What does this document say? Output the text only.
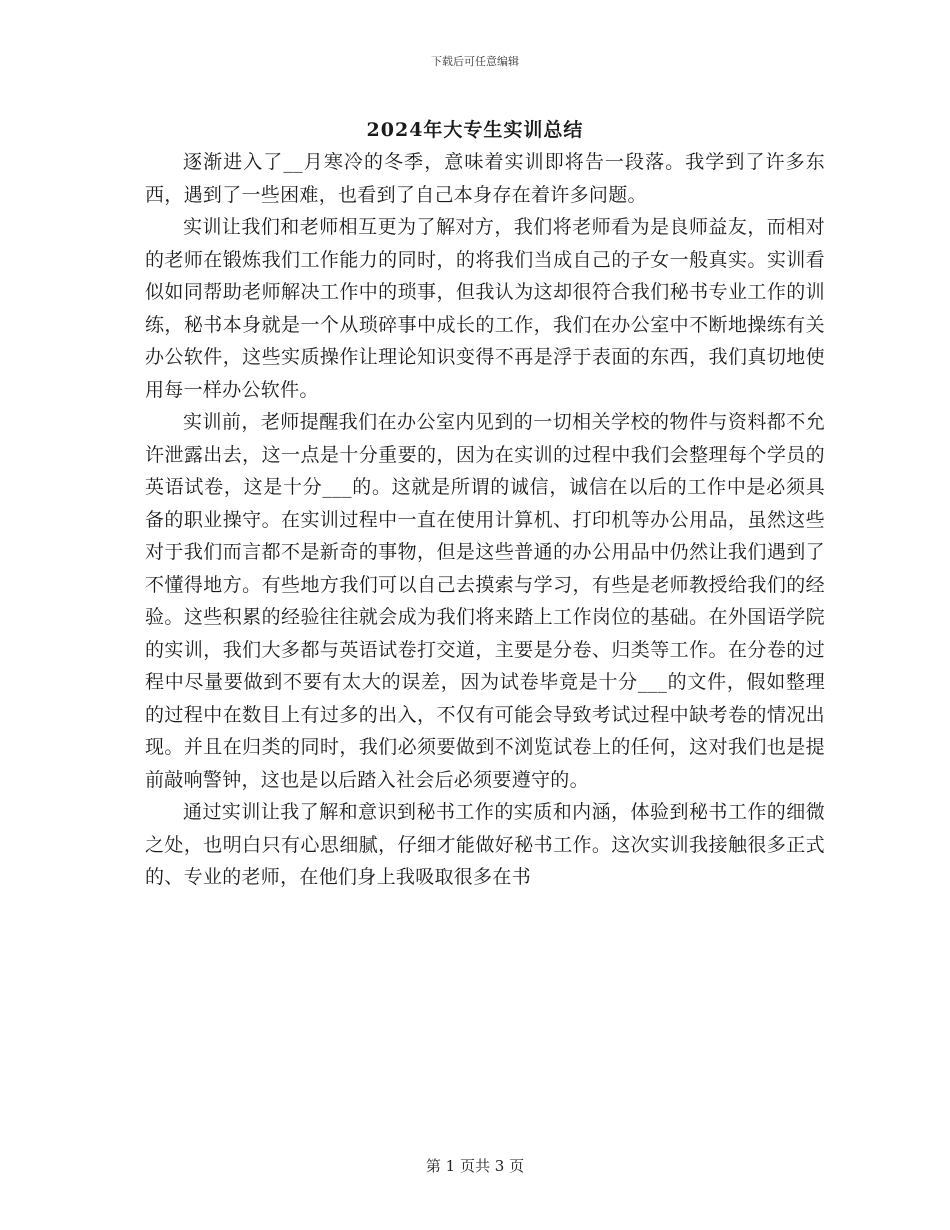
下载后可任意编辑
2024年大专生实训总结

逐渐进入了__月寒冷的冬季，意味着实训即将告一段落。我学到了许多东西，遇到了一些困难，也看到了自己本身存在着许多问题。

实训让我们和老师相互更为了解对方，我们将老师看为是良师益友，而相对的老师在锻炼我们工作能力的同时，的将我们当成自己的子女一般真实。实训看似如同帮助老师解决工作中的琐事，但我认为这却很符合我们秘书专业工作的训练，秘书本身就是一个从琐碎事中成长的工作，我们在办公室中不断地操练有关办公软件，这些实质操作让理论知识变得不再是浮于表面的东西，我们真切地使用每一样办公软件。

实训前，老师提醒我们在办公室内见到的一切相关学校的物件与资料都不允许泄露出去，这一点是十分重要的，因为在实训的过程中我们会整理每个学员的英语试卷，这是十分___的。这就是所谓的诚信，诚信在以后的工作中是必须具备的职业操守。在实训过程中一直在使用计算机、打印机等办公用品，虽然这些对于我们而言都不是新奇的事物，但是这些普通的办公用品中仍然让我们遇到了不懂得地方。有些地方我们可以自己去摸索与学习，有些是老师教授给我们的经验。这些积累的经验往往就会成为我们将来踏上工作岗位的基础。在外国语学院的实训，我们大多都与英语试卷打交道，主要是分卷、归类等工作。在分卷的过程中尽量要做到不要有太大的误差，因为试卷毕竟是十分___的文件，假如整理的过程中在数目上有过多的出入，不仅有可能会导致考试过程中缺考卷的情况出现。并且在归类的同时，我们必须要做到不浏览试卷上的任何，这对我们也是提前敲响警钟，这也是以后踏入社会后必须要遵守的。

通过实训让我了解和意识到秘书工作的实质和内涵，体验到秘书工作的细微之处，也明白只有心思细腻，仔细才能做好秘书工作。这次实训我接触很多正式的、专业的老师，在他们身上我吸取很多在书

第 1 页共 3 页
